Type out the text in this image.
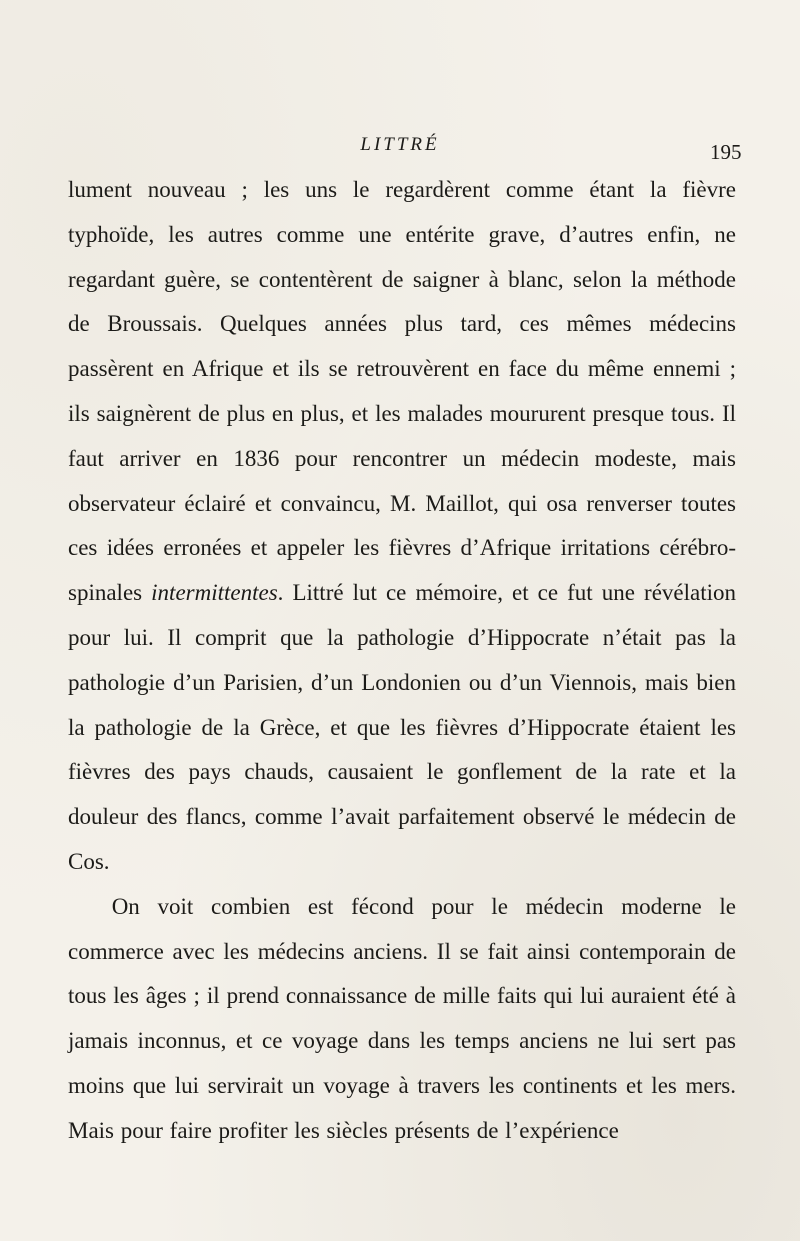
LITTRÉ	195

lument nouveau ; les uns le regardèrent comme étant la fièvre typhoïde, les autres comme une entérite grave, d’autres enfin, ne regardant guère, se contentèrent de saigner à blanc, selon la méthode de Broussais. Quelques années plus tard, ces mêmes médecins passèrent en Afrique et ils se retrouvèrent en face du même ennemi ; ils saignèrent de plus en plus, et les malades moururent presque tous. Il faut arriver en 1836 pour rencontrer un médecin modeste, mais observateur éclairé et convaincu, M. Maillot, qui osa renverser toutes ces idées erronées et appeler les fièvres d’Afrique irritations cérébro-spinales intermittentes. Littré lut ce mémoire, et ce fut une révélation pour lui. Il comprit que la pathologie d’Hippocrate n’était pas la pathologie d’un Parisien, d’un Londonien ou d’un Viennois, mais bien la pathologie de la Grèce, et que les fièvres d’Hippocrate étaient les fièvres des pays chauds, causaient le gonflement de la rate et la douleur des flancs, comme l’avait parfaitement observé le médecin de Cos.

On voit combien est fécond pour le médecin moderne le commerce avec les médecins anciens. Il se fait ainsi contemporain de tous les âges ; il prend connaissance de mille faits qui lui auraient été à jamais inconnus, et ce voyage dans les temps anciens ne lui sert pas moins que lui servirait un voyage à travers les continents et les mers. Mais pour faire profiter les siècles présents de l’expérience
